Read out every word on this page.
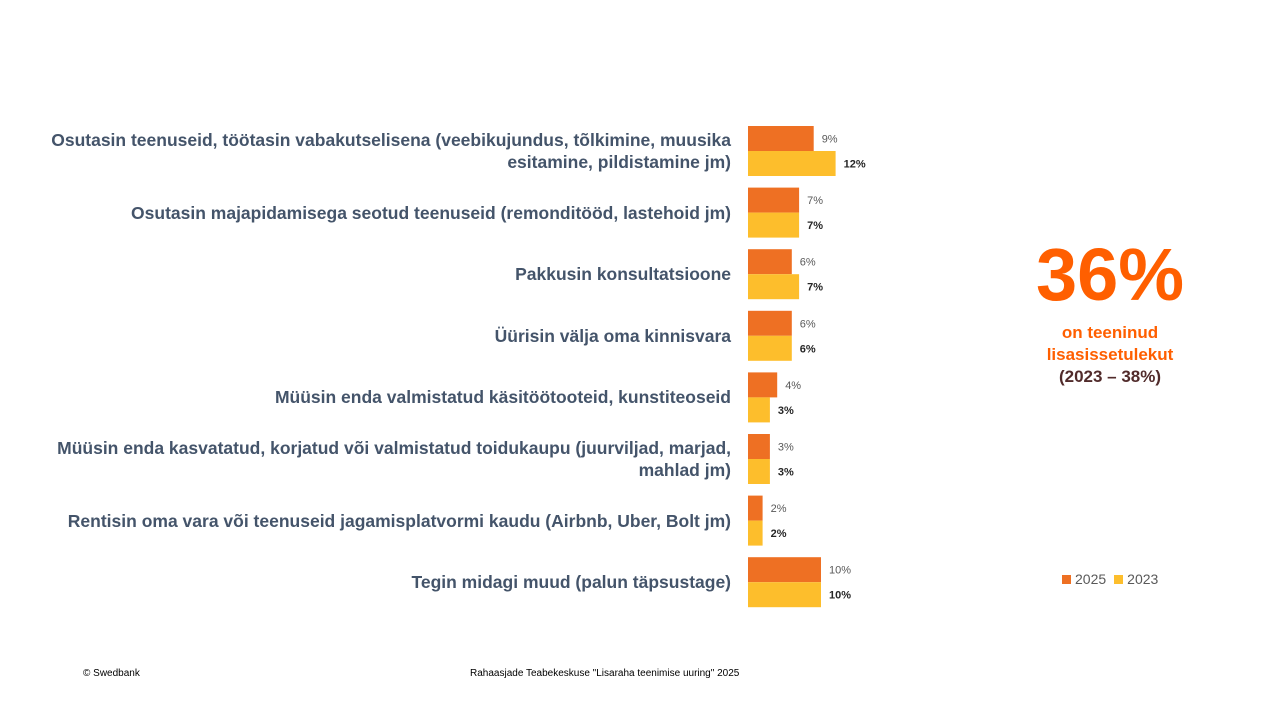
9%
12%
7%
7%
6%
7%
6%
6%
4%
3%
3%
3%
2%
2%
10%
10%
Osutasin teenuseid, töötasin vabakutselisena (veebikujundus, tõlkimine, muusika esitamine, pildistamine jm)
Osutasin majapidamisega seotud teenuseid (remonditööd, lastehoid jm)
Pakkusin konsultatsioone
Üürisin välja oma kinnisvara
Müüsin enda valmistatud käsitöötooteid, kunstiteoseid
Müüsin enda kasvatatud, korjatud või valmistatud toidukaupu (juurviljad, marjad, mahlad jm)
Rentisin oma vara või teenuseid jagamisplatvormi kaudu (Airbnb, Uber, Bolt jm)
Tegin midagi muud (palun täpsustage)
36%
on teeninud
lisasissetulekut
(2023 – 38%)
2025 2023
© Swedbank	Rahaasjade Teabekeskuse "Lisaraha teenimise uuring" 2025
